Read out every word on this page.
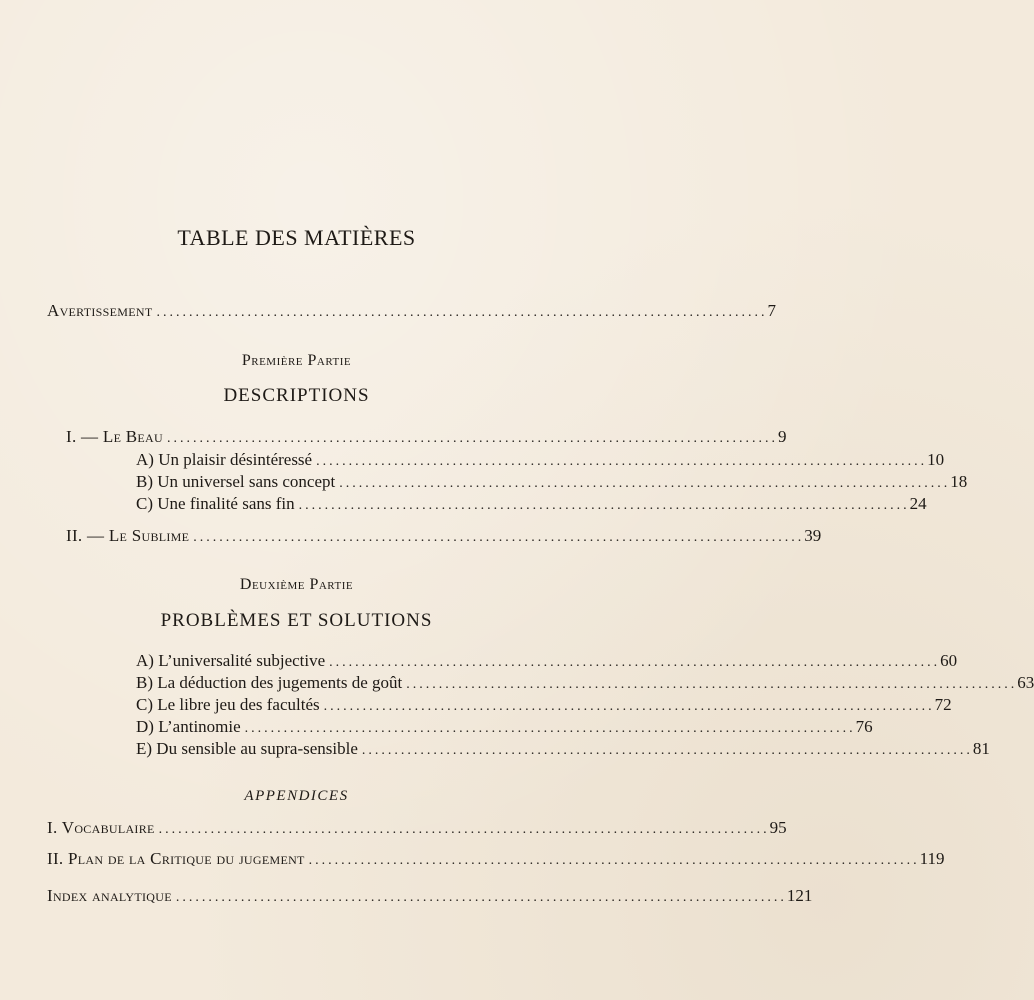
TABLE DES MATIÈRES
Avertissement .............................................................................................. 7
Première Partie
DESCRIPTIONS
I. — Le Beau .............................................................................................. 9
A) Un plaisir désintéressé .............................................................................................. 10
B) Un universel sans concept .............................................................................................. 18
C) Une finalité sans fin .............................................................................................. 24
II. — Le Sublime .............................................................................................. 39
Deuxième Partie
PROBLÈMES ET SOLUTIONS
A) L’universalité subjective .............................................................................................. 60
B) La déduction des jugements de goût .............................................................................................. 63
C) Le libre jeu des facultés .............................................................................................. 72
D) L’antinomie .............................................................................................. 76
E) Du sensible au supra-sensible .............................................................................................. 81
APPENDICES
I. Vocabulaire .............................................................................................. 95
II. Plan de la Critique du jugement .............................................................................................. 119
Index analytique .............................................................................................. 121
